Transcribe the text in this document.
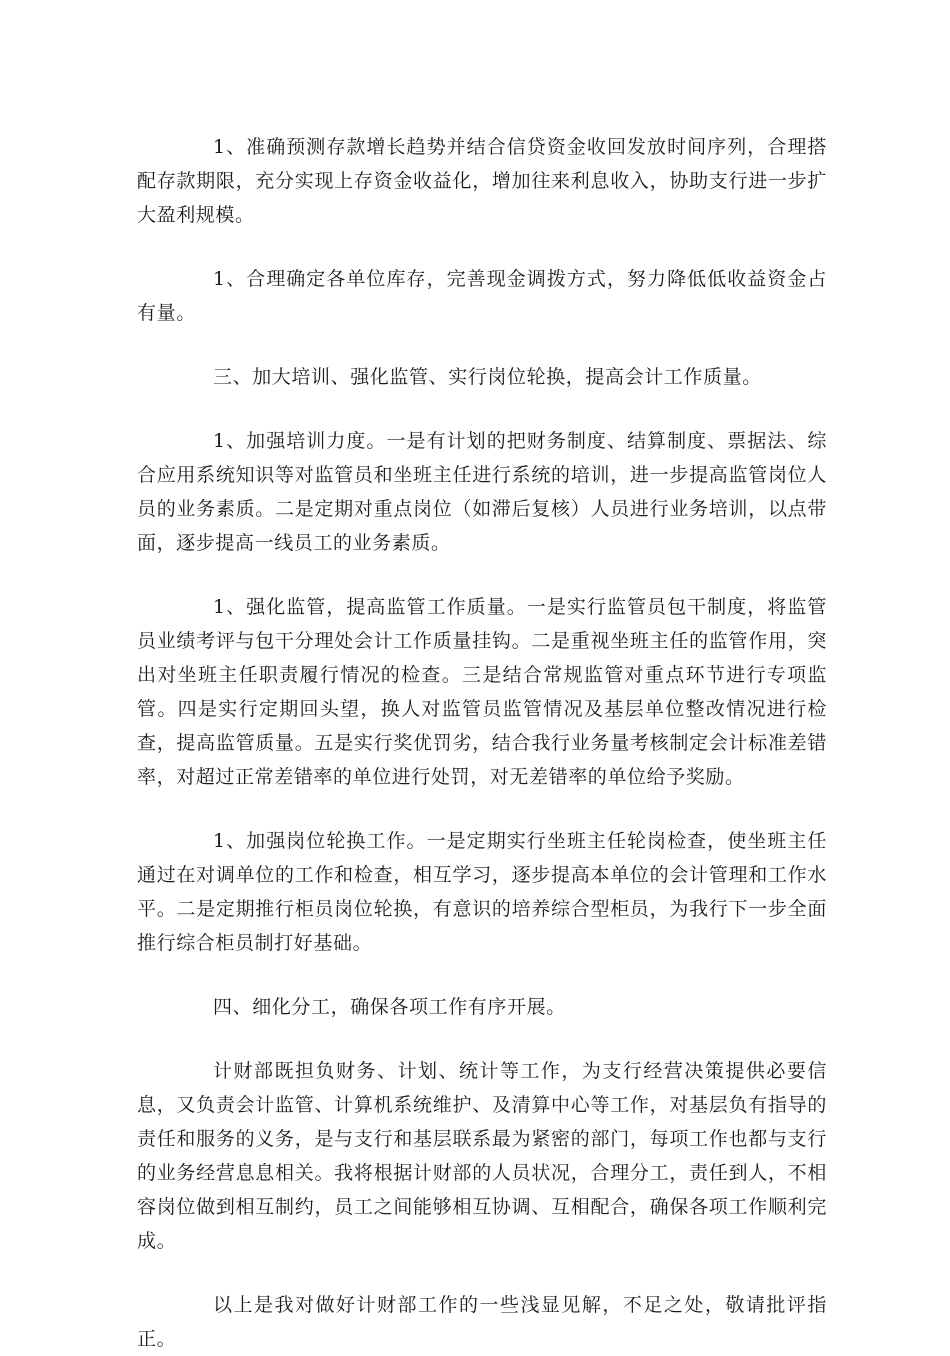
1、准确预测存款增长趋势并结合信贷资金收回发放时间序列，合理搭配存款期限，充分实现上存资金收益化，增加往来利息收入，协助支行进一步扩大盈利规模。

1、合理确定各单位库存，完善现金调拨方式，努力降低低收益资金占有量。

三、加大培训、强化监管、实行岗位轮换，提高会计工作质量。

1、加强培训力度。一是有计划的把财务制度、结算制度、票据法、综合应用系统知识等对监管员和坐班主任进行系统的培训，进一步提高监管岗位人员的业务素质。二是定期对重点岗位（如滞后复核）人员进行业务培训，以点带面，逐步提高一线员工的业务素质。

1、强化监管，提高监管工作质量。一是实行监管员包干制度，将监管员业绩考评与包干分理处会计工作质量挂钩。二是重视坐班主任的监管作用，突出对坐班主任职责履行情况的检查。三是结合常规监管对重点环节进行专项监管。四是实行定期回头望，换人对监管员监管情况及基层单位整改情况进行检查，提高监管质量。五是实行奖优罚劣，结合我行业务量考核制定会计标准差错率，对超过正常差错率的单位进行处罚，对无差错率的单位给予奖励。

1、加强岗位轮换工作。一是定期实行坐班主任轮岗检查，使坐班主任通过在对调单位的工作和检查，相互学习，逐步提高本单位的会计管理和工作水平。二是定期推行柜员岗位轮换，有意识的培养综合型柜员，为我行下一步全面推行综合柜员制打好基础。

四、细化分工，确保各项工作有序开展。

计财部既担负财务、计划、统计等工作，为支行经营决策提供必要信息，又负责会计监管、计算机系统维护、及清算中心等工作，对基层负有指导的责任和服务的义务，是与支行和基层联系最为紧密的部门，每项工作也都与支行的业务经营息息相关。我将根据计财部的人员状况，合理分工，责任到人，不相容岗位做到相互制约，员工之间能够相互协调、互相配合，确保各项工作顺利完成。

以上是我对做好计财部工作的一些浅显见解，不足之处，敬请批评指正。
